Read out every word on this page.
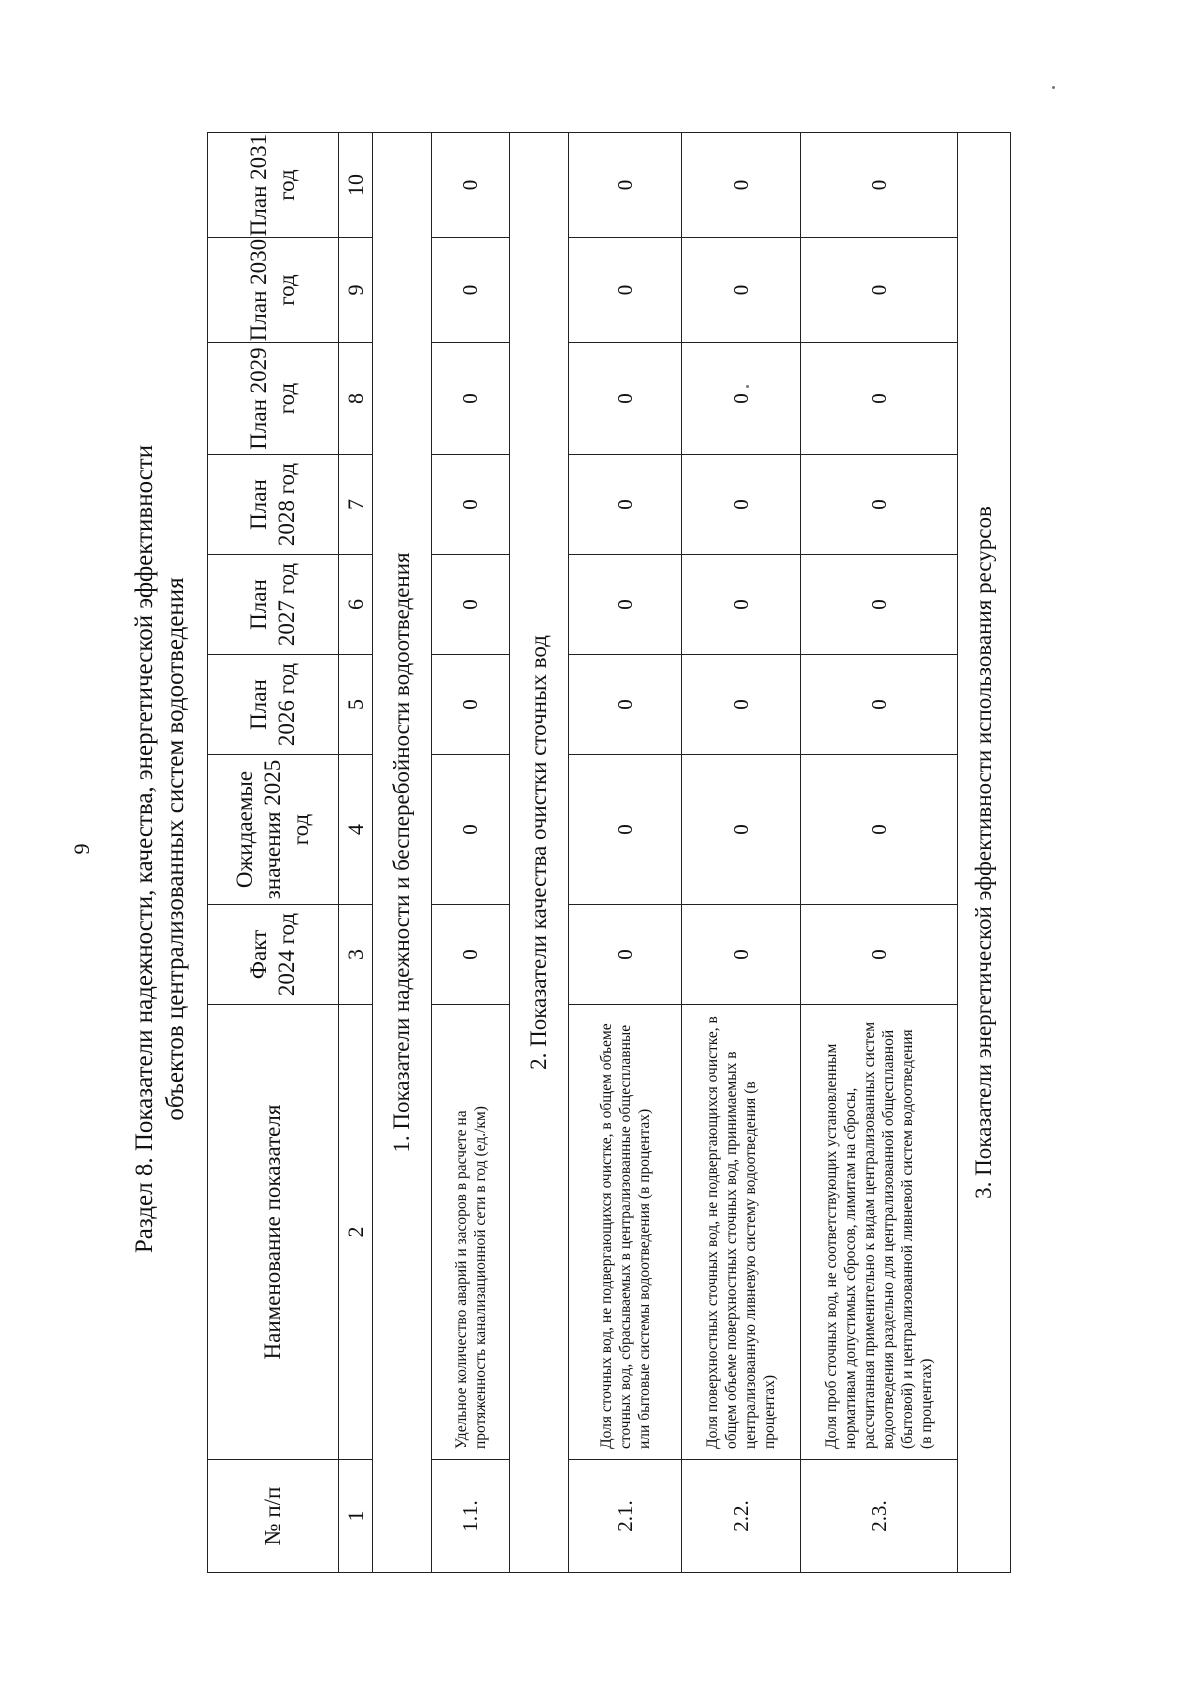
9 Раздел 8. Показатели надежности, качества, энергетической эффективности объектов централизованных систем водоотведения
№ п/п	Наименование показателя	Факт 2024 год	Ожидаемые значения 2025 год	План 2026 год	План 2027 год	План 2028 год	План 2029 год	План 2030 год	План 2031 год
1	2	3	4	5	6	7	8	9	10
1. Показатели надежности и бесперебойности водоотведения									
1.1.	Удельное количество аварий и засоров в расчете на протяженность канализационной сети в год (ед./км)	0	0	0	0	0	0	0	0
2. Показатели качества очистки сточных вод									
2.1.	Доля сточных вод, не подвергающихся очистке, в общем объеме сточных вод, сбрасываемых в централизованные общесплавные или бытовые системы водоотведения (в процентах)	0	0	0	0	0	0	0	0
2.2.	Доля поверхностных сточных вод, не подвергающихся очистке, в общем объеме поверхностных сточных вод, принимаемых в централизованную ливневую систему водоотведения (в процентах)	0	0	0	0	0	0	0	0
2.3.	Доля проб сточных вод, не соответствующих установленным нормативам допустимых сбросов, лимитам на сбросы, рассчитанная применительно к видам централизованных систем водоотведения раздельно для централизованной общесплавной (бытовой) и централизованной ливневой систем водоотведения (в процентах)	0	0	0	0	0	0	0	0
3. Показатели энергетической эффективности использования ресурсов									
